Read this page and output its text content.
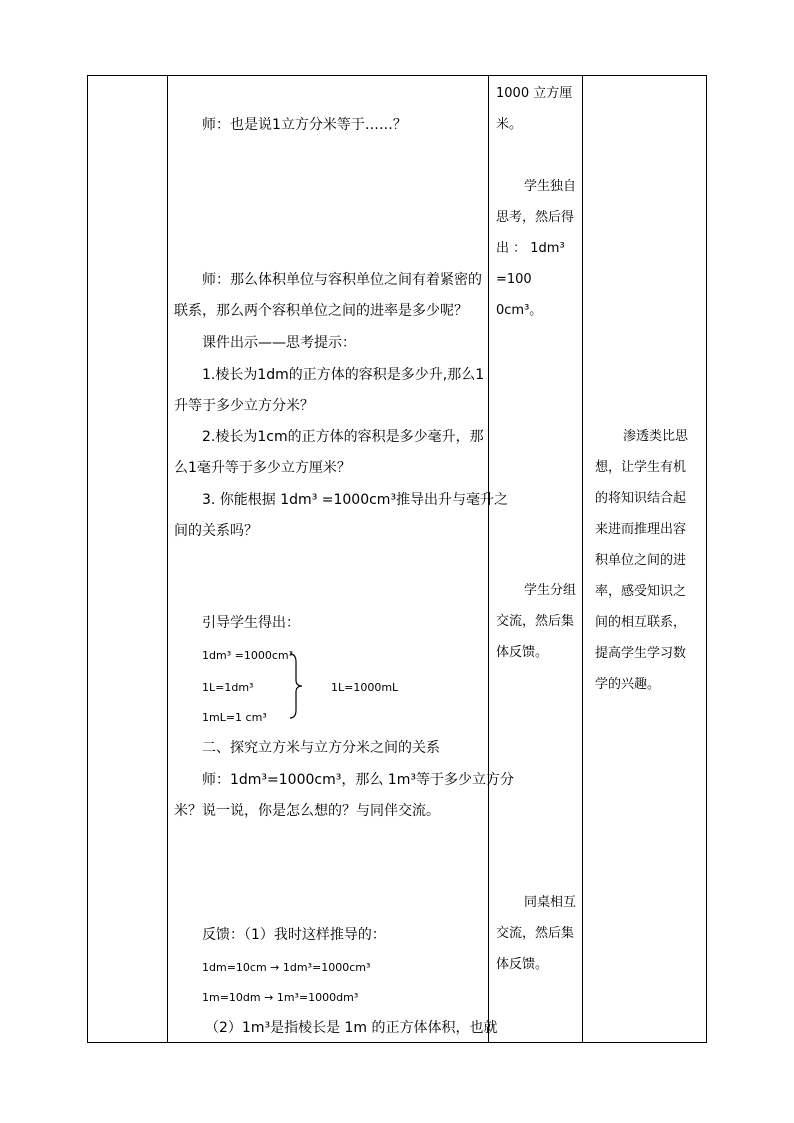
师：也是说1立方分米等于……？
师：那么体积单位与容积单位之间有着紧密的
联系，那么两个容积单位之间的进率是多少呢？
课件出示——思考提示：
1.棱长为1dm的正方体的容积是多少升,那么1
升等于多少立方分米？
2.棱长为1cm的正方体的容积是多少毫升，那
么1毫升等于多少立方厘米？
3. 你能根据 1dm³ =1000cm³推导出升与毫升之
间的关系吗？
引导学生得出：
1dm³ =1000cm³
1L=1dm³
1mL=1 cm³
1L=1000mL
二、探究立方米与立方分米之间的关系
师：1dm³=1000cm³，那么 1m³等于多少立方分
米？说一说，你是怎么想的？与同伴交流。
反馈：（1）我时这样推导的：
1dm=10cm → 1dm³=1000cm³
1m=10dm → 1m³=1000dm³
（2）1m³是指棱长是 1m 的正方体体积，也就
1000 立方厘
米。
学生独自
思考，然后得
出 ： 1dm³
=100
0cm³。
学生分组
交流，然后集
体反馈。
同桌相互
交流，然后集
体反馈。
渗透类比思
想，让学生有机
的将知识结合起
来进而推理出容
积单位之间的进
率，感受知识之
间的相互联系，
提高学生学习数
学的兴趣。
